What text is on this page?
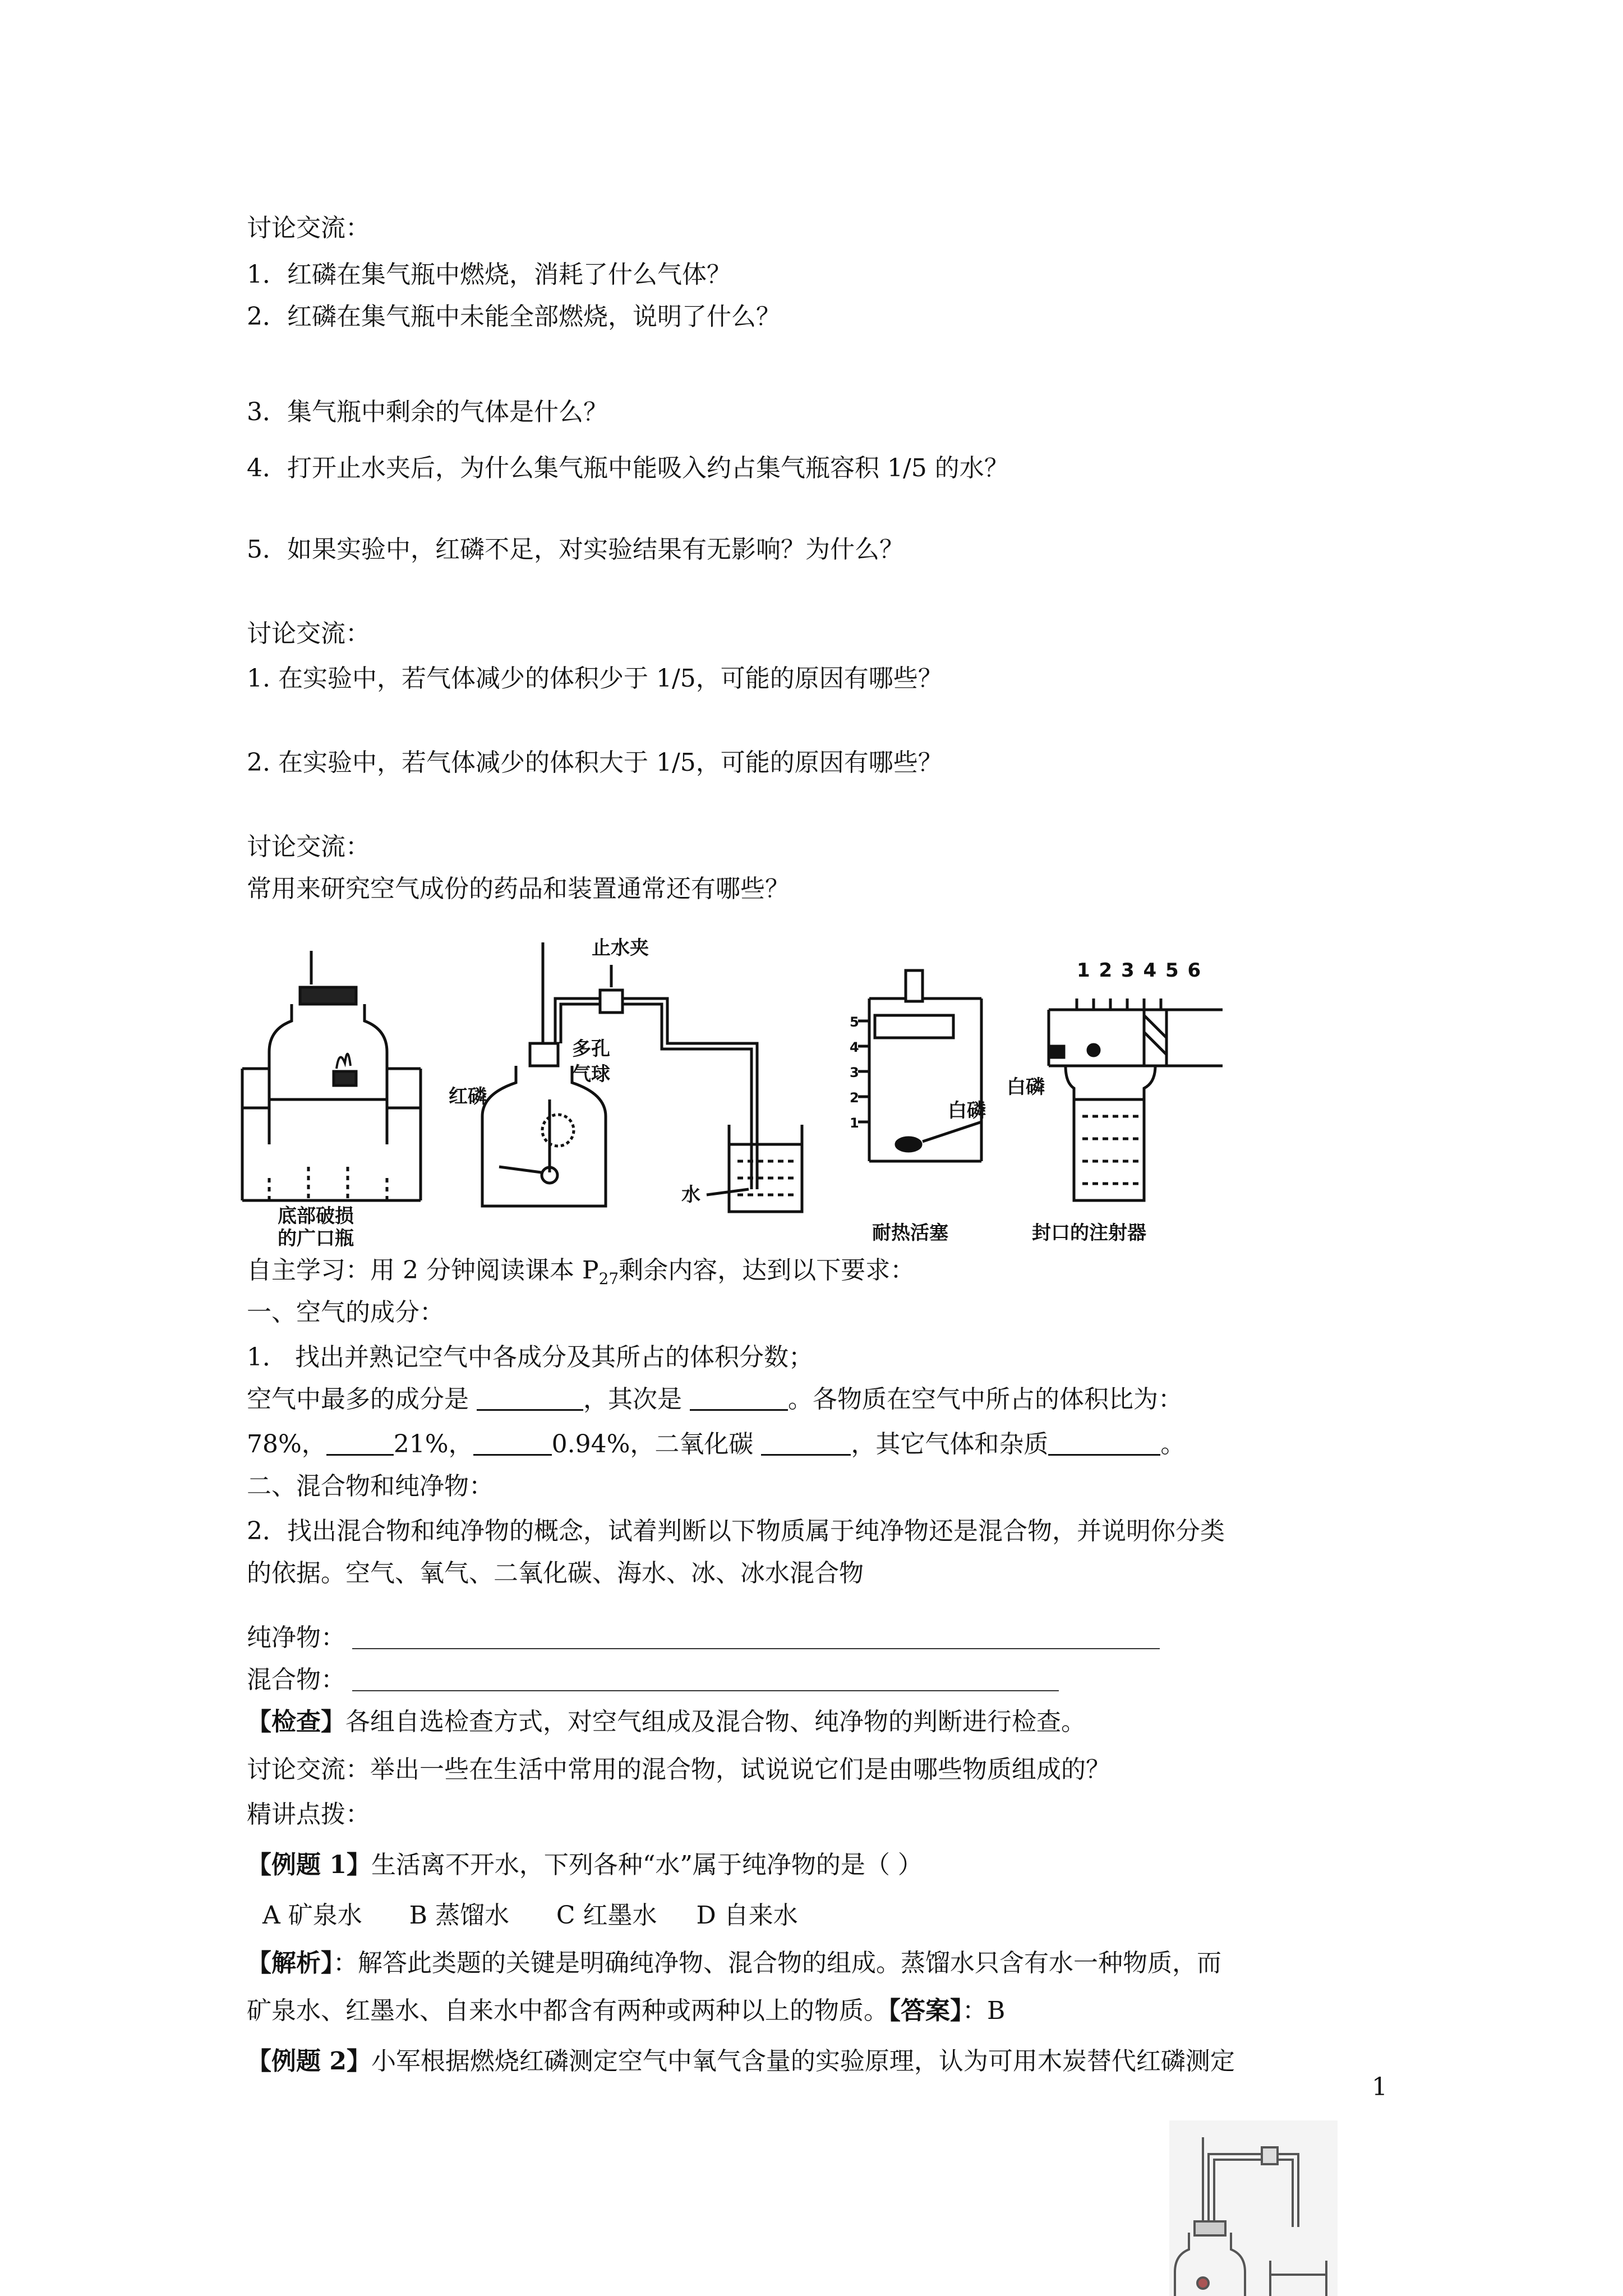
讨论交流：
1．红磷在集气瓶中燃烧，消耗了什么气体？
2．红磷在集气瓶中未能全部燃烧，说明了什么？
3．集气瓶中剩余的气体是什么？
4．打开止水夹后，为什么集气瓶中能吸入约占集气瓶容积 1/5 的水？
5．如果实验中，红磷不足，对实验结果有无影响？为什么？
讨论交流：
1. 在实验中，若气体减少的体积少于 1/5，可能的原因有哪些？
2. 在实验中，若气体减少的体积大于 1/5，可能的原因有哪些？
讨论交流：
常用来研究空气成份的药品和装置通常还有哪些？
止水夹
多孔
气球
红磷
水
白磷
白磷
1 2 3 4 5 6
5
4
3
2
1
底部破损
的广口瓶	耐热活塞	封口的注射器
自主学习：用 2 分钟阅读课本 $P_{27}$剩余内容，达到以下要求：
一、空气的成分：
1． 找出并熟记空气中各成分及其所占的体积分数；
空气中最多的成分是	，其次是	。各物质在空气中所占的体积比为：
78%，	21%，	0.94%，二氧化碳	，其它气体和杂质	。
二、混合物和纯净物：
2．找出混合物和纯净物的概念，试着判断以下物质属于纯净物还是混合物，并说明你分类
的依据。空气、氧气、二氧化碳、海水、冰、冰水混合物
纯净物：
混合物：
【检查】各组自选检查方式，对空气组成及混合物、纯净物的判断进行检查。
讨论交流：举出一些在生活中常用的混合物，试说说它们是由哪些物质组成的？
精讲点拨：
【例题 1】生活离不开水，下列各种“水”属于纯净物的是（ ）
A 矿泉水      B 蒸馏水      C 红墨水     D 自来水
【解析】：解答此类题的关键是明确纯净物、混合物的组成。蒸馏水只含有水一种物质，而
矿泉水、红墨水、自来水中都含有两种或两种以上的物质。【答案】：B
【例题 2】小军根据燃烧红磷测定空气中氧气含量的实验原理，认为可用木炭替代红磷测定
1
